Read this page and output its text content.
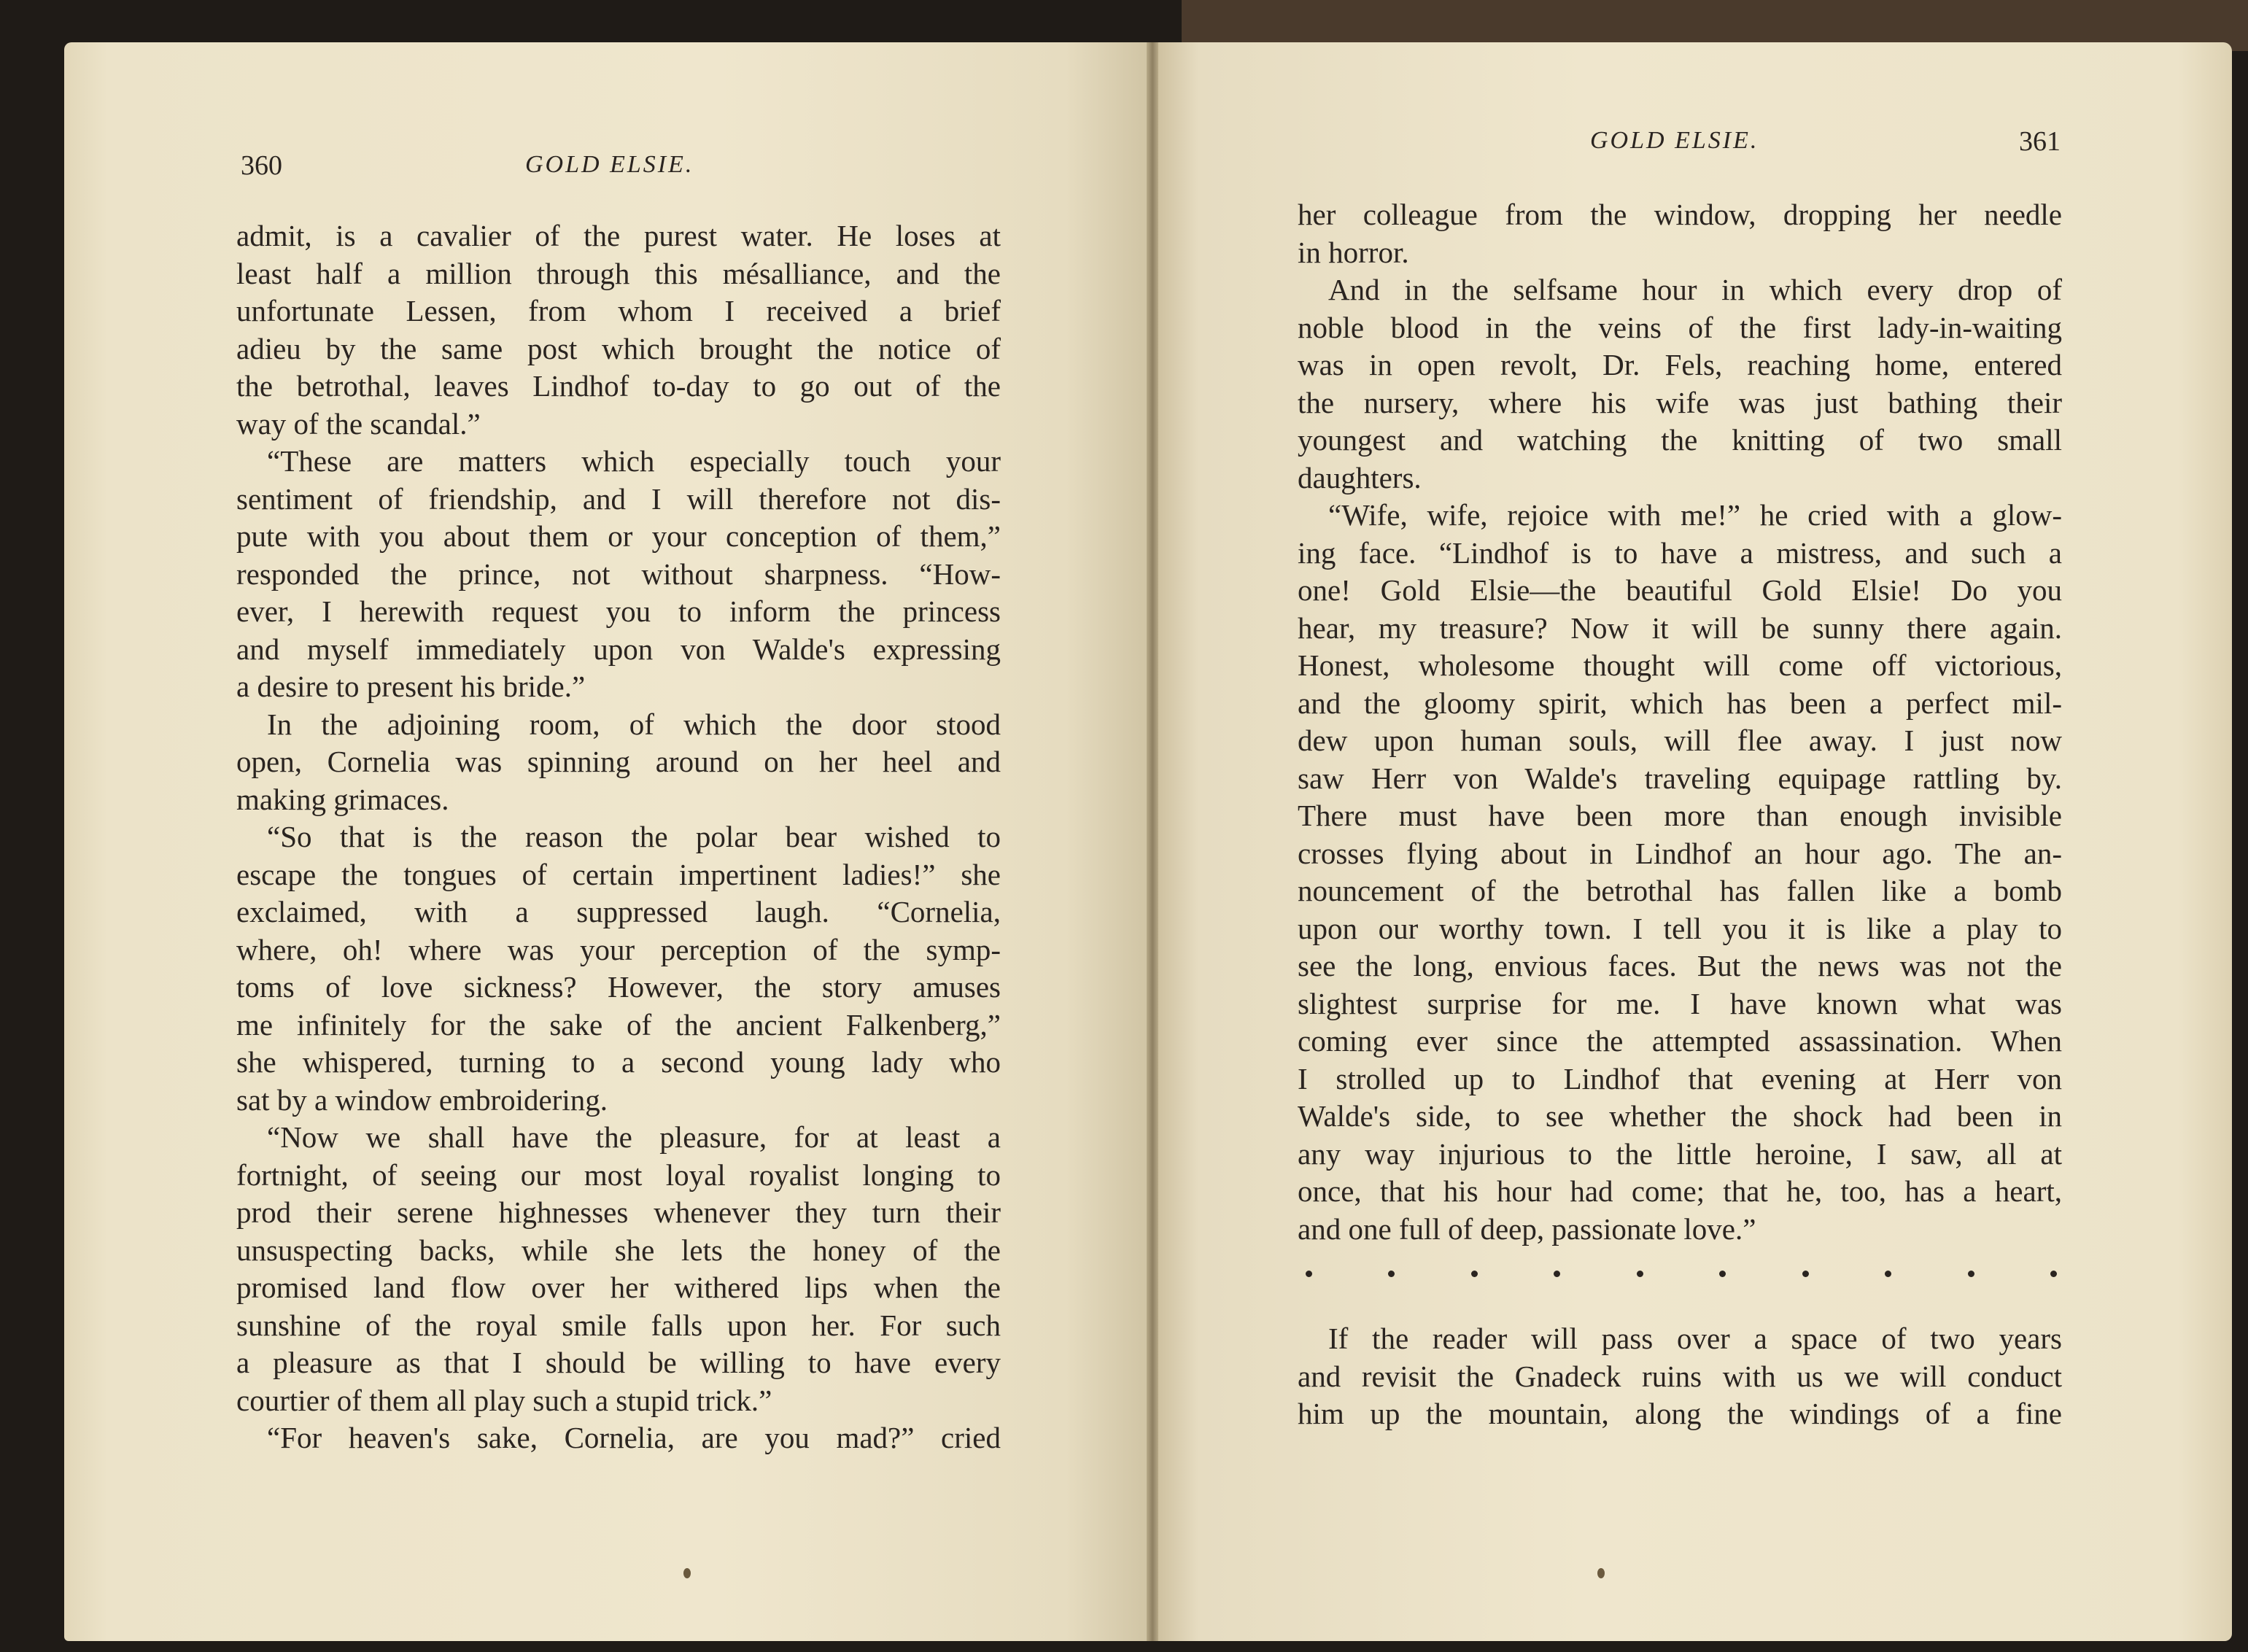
360	GOLD ELSIE.
GOLD ELSIE.	361
admit, is a cavalier of the purest water. He loses at
least half a million through this mésalliance, and the
unfortunate Lessen, from whom I received a brief
adieu by the same post which brought the notice of
the betrothal, leaves Lindhof to-day to go out of the
way of the scandal.”
“These are matters which especially touch your
sentiment of friendship, and I will therefore not dis-
pute with you about them or your conception of them,”
responded the prince, not without sharpness. “How-
ever, I herewith request you to inform the princess
and myself immediately upon von Walde's expressing
a desire to present his bride.”
In the adjoining room, of which the door stood
open, Cornelia was spinning around on her heel and
making grimaces.
“So that is the reason the polar bear wished to
escape the tongues of certain impertinent ladies!” she
exclaimed, with a suppressed laugh. “Cornelia,
where, oh! where was your perception of the symp-
toms of love sickness? However, the story amuses
me infinitely for the sake of the ancient Falkenberg,”
she whispered, turning to a second young lady who
sat by a window embroidering.
“Now we shall have the pleasure, for at least a
fortnight, of seeing our most loyal royalist longing to
prod their serene highnesses whenever they turn their
unsuspecting backs, while she lets the honey of the
promised land flow over her withered lips when the
sunshine of the royal smile falls upon her. For such
a pleasure as that I should be willing to have every
courtier of them all play such a stupid trick.”
“For heaven's sake, Cornelia, are you mad?” cried
her colleague from the window, dropping her needle
in horror.
And in the selfsame hour in which every drop of
noble blood in the veins of the first lady-in-waiting
was in open revolt, Dr. Fels, reaching home, entered
the nursery, where his wife was just bathing their
youngest and watching the knitting of two small
daughters.
“Wife, wife, rejoice with me!” he cried with a glow-
ing face. “Lindhof is to have a mistress, and such a
one! Gold Elsie—the beautiful Gold Elsie! Do you
hear, my treasure? Now it will be sunny there again.
Honest, wholesome thought will come off victorious,
and the gloomy spirit, which has been a perfect mil-
dew upon human souls, will flee away. I just now
saw Herr von Walde's traveling equipage rattling by.
There must have been more than enough invisible
crosses flying about in Lindhof an hour ago. The an-
nouncement of the betrothal has fallen like a bomb
upon our worthy town. I tell you it is like a play to
see the long, envious faces. But the news was not the
slightest surprise for me. I have known what was
coming ever since the attempted assassination. When
I strolled up to Lindhof that evening at Herr von
Walde's side, to see whether the shock had been in
any way injurious to the little heroine, I saw, all at
once, that his hour had come; that he, too, has a heart,
and one full of deep, passionate love.”
If the reader will pass over a space of two years
and revisit the Gnadeck ruins with us we will conduct
him up the mountain, along the windings of a fine
